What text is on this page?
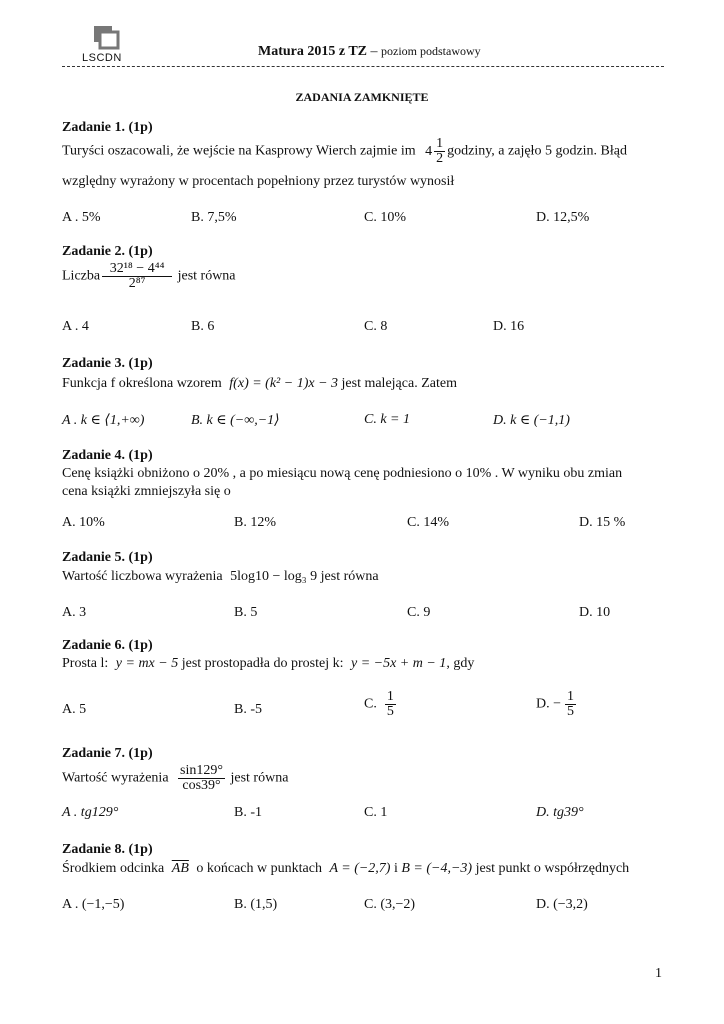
LSCDN	Matura 2015 z TZ – poziom podstawowy
ZADANIA ZAMKNIĘTE
Zadanie 1. (1p)
Turyści oszacowali, że wejście na Kasprowy Wierch zajmie im $4 \frac{1}{2}$ godziny, a zajęło 5 godzin. Błąd
względny wyrażony w procentach popełniony przez turystów wynosił
A . 5%	B. 7,5%	C. 10%	D. 12,5%
Zadanie 2. (1p)
Liczba $\frac{\text{32¹⁸ − 4⁴⁴}}{\text{2⁸⁷}}$ jest równa
A . 4	B. 6	C. 8	D. 16
Zadanie 3. (1p)
Funkcja f określona wzorem f(x) = (k² − 1)x − 3 jest malejąca. Zatem
A . k ∈ ⟨1,+∞)	B. k ∈ (−∞,−1⟩	C. k = 1	D. k ∈ (−1,1)
Zadanie 4. (1p)
Cenę książki obniżono o 20% , a po miesiącu nową cenę podniesiono o 10% . W wyniku obu zmian
cena książki zmniejszyła się o
A. 10%	B. 12%	C. 14%	D. 15 %
Zadanie 5. (1p)
Wartość liczbowa wyrażenia 5log10 − log₃ 9 jest równa
A. 3	B. 5	C. 9	D. 10
Zadanie 6. (1p)
Prosta l: y = mx − 5 jest prostopadła do prostej k: y = −5x + m − 1, gdy
A. 5	B. -5	C. $\frac{1}{5}$	D. − $\frac{1}{5}$
Zadanie 7. (1p)
Wartość wyrażenia $\frac{\sin 129^\circ}{\cos 39^\circ}$ jest równa
A . tg129°	B. -1	C. 1	D. tg39°
Zadanie 8. (1p)
Środkiem odcinka $\overline{AB}$ o końcach w punktach A = (−2,7) i B = (−4,−3) jest punkt o współrzędnych
A . (−1,−5)	B. (1,5)	C. (3,−2)	D. (−3,2)
1
